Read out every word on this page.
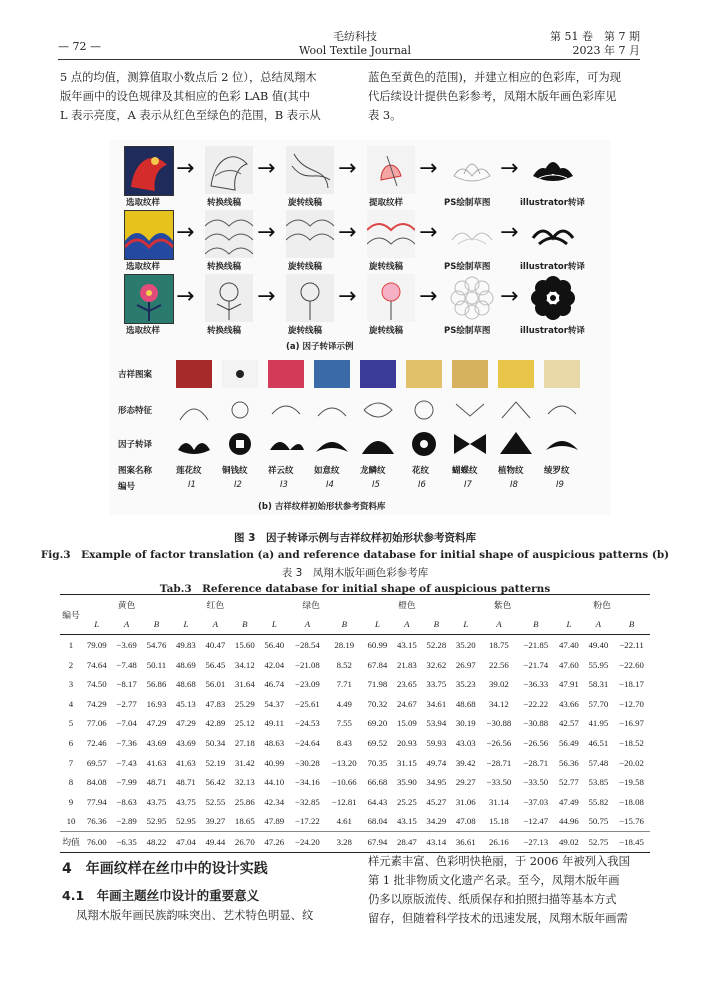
毛纺科技
Wool Textile Journal
— 72 —
第 51 卷　第 7 期
2023 年 7 月
5 点的均值，测算值取小数点后 2 位），总结凤翔木
版年画中的设色规律及其相应的色彩 LAB 值(其中
L 表示亮度，A 表示从红色至绿色的范围，B 表示从
蓝色至黄色的范围)，并建立相应的色彩库，可为现
代后续设计提供色彩参考，凤翔木版年画色彩库见
表 3。
→	→	→	→	→
选取纹样	转换线稿	旋转线稿	提取纹样	PS绘制草图	illustrator转译
→	→	→	→	→
选取纹样	转换线稿	旋转线稿	旋转线稿	PS绘制草图	illustrator转译
→	→	→	→	→
选取纹样	转换线稿	旋转线稿	旋转线稿	PS绘制草图	illustrator转译
(a) 因子转译示例
吉祥图案
形态特征
因子转译
图案名称
编号
莲花纹 铜钱纹 祥云纹 如意纹 龙鳞纹	花纹	蝴蝶纹 植物纹 绫罗纹
I1	I2	I3	I4	I5	I6	I7	I8	I9
(b) 吉祥纹样初始形状参考资料库
图 3　因子转译示例与吉祥纹样初始形状参考资料库
Fig.3　Example of factor translation (a) and reference database for initial shape of auspicious patterns (b)
表 3　凤翔木版年画色彩参考库
Tab.3　Reference database for initial shape of auspicious patterns
编号	黄色			红色			绿色			橙色			紫色			粉色		
	L	A	B	L	A	B	L	A	B	L	A	B	L	A	B	L	A	B
1	79.09	−3.69	54.76	49.83	40.47	15.60	56.40	−28.54	28.19	60.99	43.15	52.28	35.20	18.75	−21.85	47.40	49.40	−22.11
2	74.64	−7.48	50.11	48.69	56.45	34.12	42.04	−21.08	8.52	67.84	21.83	32.62	26.97	22.56	−21.74	47.60	55.95	−22.60
3	74.50	−8.17	56.86	48.68	56.01	31.64	46.74	−23.09	7.71	71.98	23.65	33.75	35.23	39.02	−36.33	47.91	58.31	−18.17
4	74.29	−2.77	16.93	45.13	47.83	25.29	54.37	−25.61	4.49	70.32	24.67	34.61	48.68	34.12	−22.22	43.66	57.70	−12.70
5	77.06	−7.04	47.29	47.29	42.89	25.12	49.11	−24.53	7.55	69.20	15.09	53.94	30.19	−30.88	−30.88	42.57	41.95	−16.97
6	72.46	−7.36	43.69	43.69	50.34	27.18	48.63	−24.64	8.43	69.52	20.93	59.93	43.03	−26.56	−26.56	56.49	46.51	−18.52
7	69.57	−7.43	41.63	41.63	52.19	31.42	40.99	−30.28	−13.20	70.35	31.15	49.74	39.42	−28.71	−28.71	56.36	57.48	−20.02
8	84.08	−7.99	48.71	48.71	56.42	32.13	44.10	−34.16	−10.66	66.68	35.90	34.95	29.27	−33.50	−33.50	52.77	53.85	−19.58
9	77.94	−8.63	43.75	43.75	52.55	25.86	42.34	−32.85	−12.81	64.43	25.25	45.27	31.06	31.14	−37.03	47.49	55.82	−18.08
10	76.36	−2.89	52.95	52.95	39.27	18.65	47.89	−17.22	4.61	68.04	43.15	34.29	47.08	15.18	−12.47	44.96	50.75	−15.76
均值	76.00	−6.35	48.22	47.04	49.44	26.70	47.26	−24.20	3.28	67.94	28.47	43.14	36.61	26.16	−27.13	49.02	52.75	−18.45
4　年画纹样在丝巾中的设计实践
4.1　年画主题丝巾设计的重要意义
凤翔木版年画民族韵味突出、艺术特色明显、纹
样元素丰富、色彩明快艳丽，于 2006 年被列入我国
第 1 批非物质文化遗产名录。至今，凤翔木版年画
仍多以原版流传、纸质保存和拍照扫描等基本方式
留存，但随着科学技术的迅速发展，凤翔木版年画需
